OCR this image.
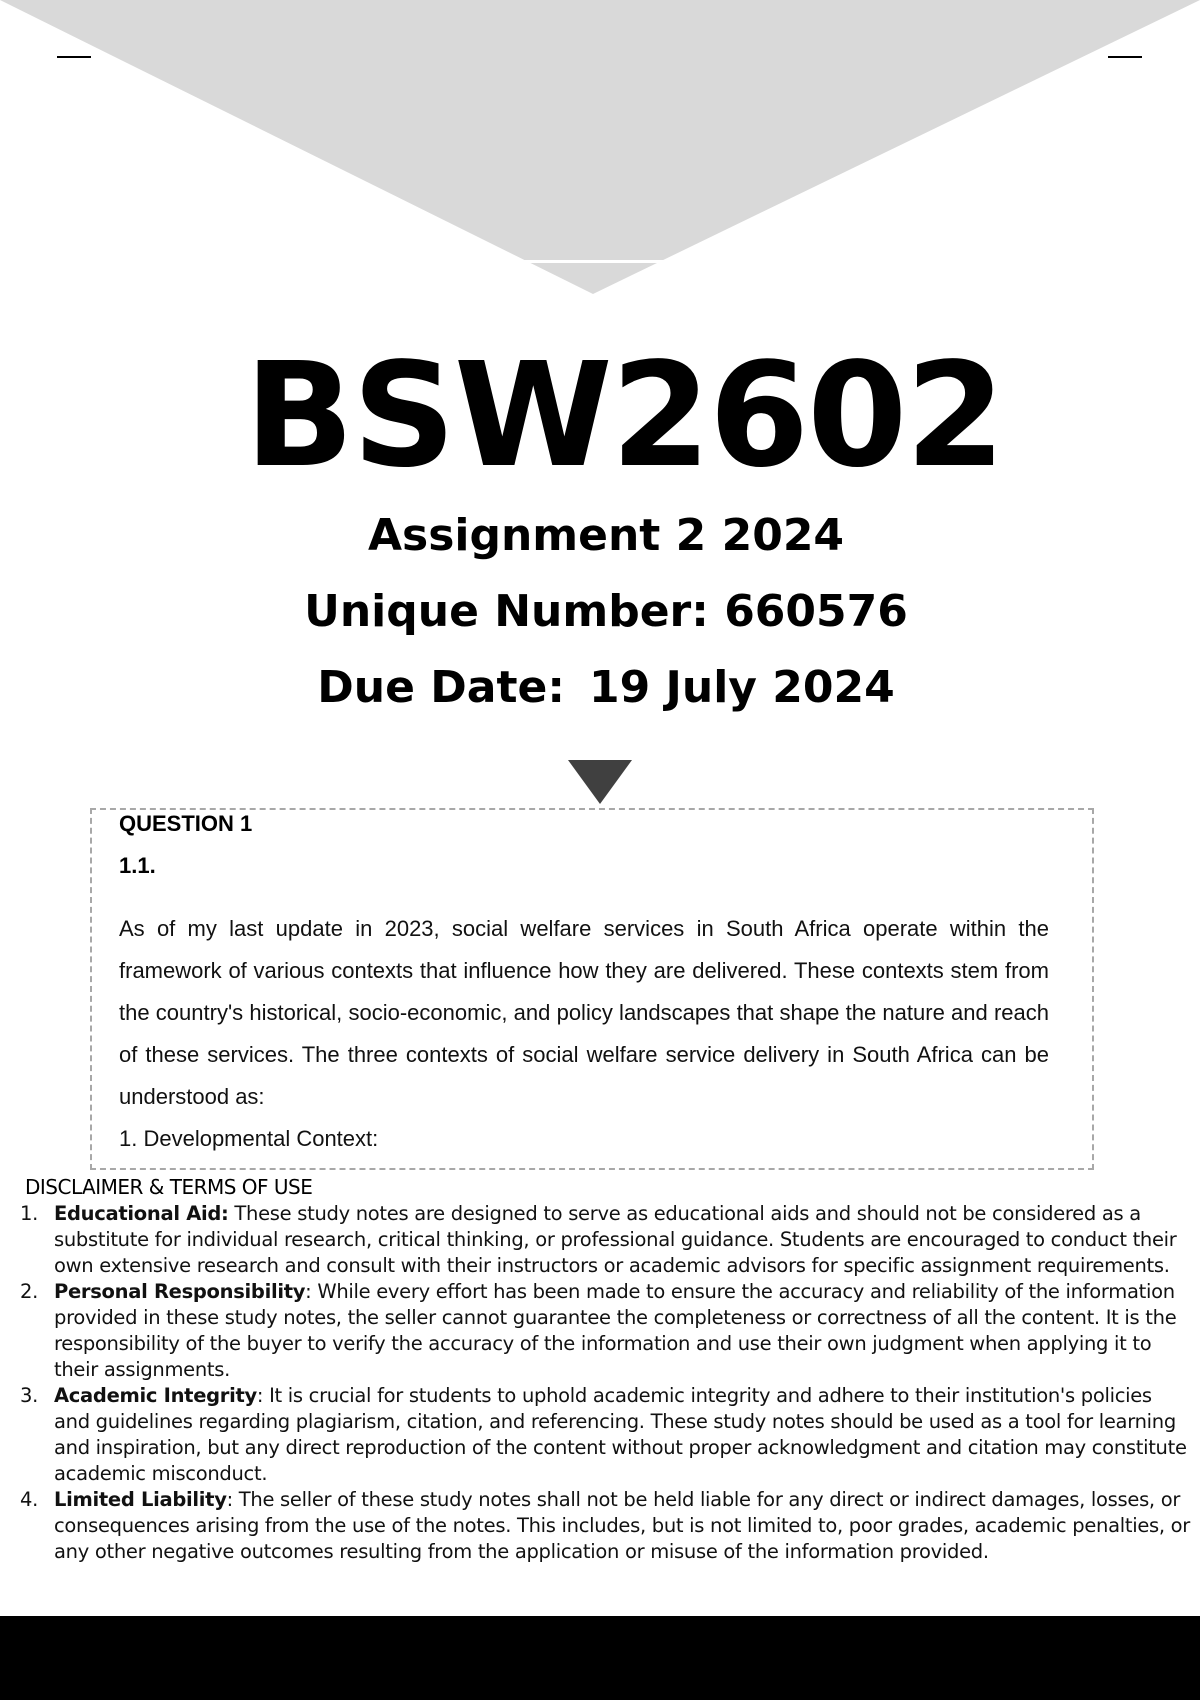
BSW2602
Assignment 2 2024
Unique Number: 660576
Due Date: 19 July 2024
QUESTION 1
1.1.
As of my last update in 2023, social welfare services in South Africa operate within the framework of various contexts that influence how they are delivered. These contexts stem from the country's historical, socio-economic, and policy landscapes that shape the nature and reach of these services. The three contexts of social welfare service delivery in South Africa can be understood as:
1. Developmental Context:
DISCLAIMER & TERMS OF USE
1. Educational Aid: These study notes are designed to serve as educational aids and should not be considered as a substitute for individual research, critical thinking, or professional guidance. Students are encouraged to conduct their own extensive research and consult with their instructors or academic advisors for specific assignment requirements.
2. Personal Responsibility: While every effort has been made to ensure the accuracy and reliability of the information provided in these study notes, the seller cannot guarantee the completeness or correctness of all the content. It is the responsibility of the buyer to verify the accuracy of the information and use their own judgment when applying it to their assignments.
3. Academic Integrity: It is crucial for students to uphold academic integrity and adhere to their institution's policies and guidelines regarding plagiarism, citation, and referencing. These study notes should be used as a tool for learning and inspiration, but any direct reproduction of the content without proper acknowledgment and citation may constitute academic misconduct.
4. Limited Liability: The seller of these study notes shall not be held liable for any direct or indirect damages, losses, or consequences arising from the use of the notes. This includes, but is not limited to, poor grades, academic penalties, or any other negative outcomes resulting from the application or misuse of the information provided.
